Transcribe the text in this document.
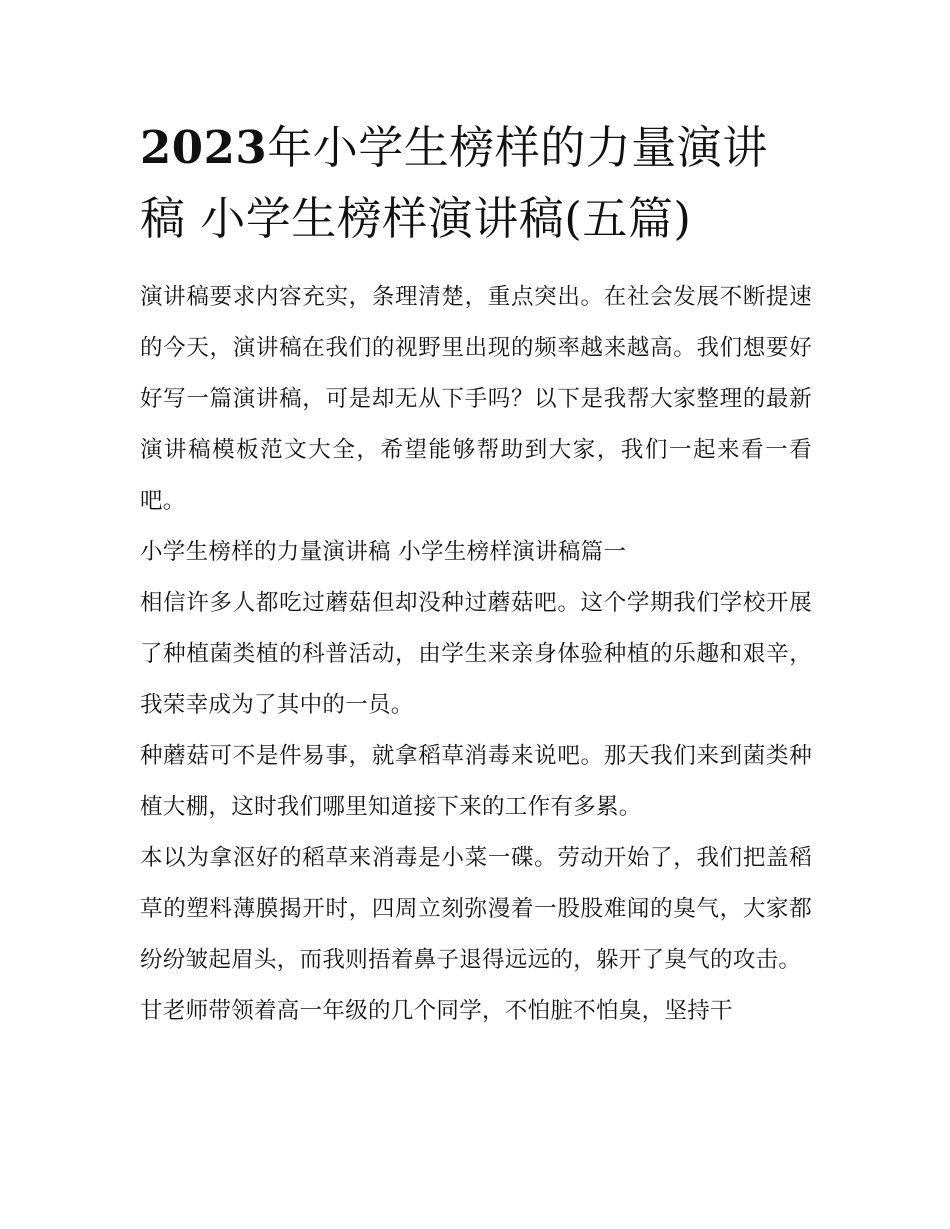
2023年小学生榜样的力量演讲稿 小学生榜样演讲稿(五篇)

演讲稿要求内容充实，条理清楚，重点突出。在社会发展不断提速的今天，演讲稿在我们的视野里出现的频率越来越高。我们想要好好写一篇演讲稿，可是却无从下手吗？以下是我帮大家整理的最新演讲稿模板范文大全，希望能够帮助到大家，我们一起来看一看吧。

小学生榜样的力量演讲稿 小学生榜样演讲稿篇一

相信许多人都吃过蘑菇但却没种过蘑菇吧。这个学期我们学校开展了种植菌类植的科普活动，由学生来亲身体验种植的乐趣和艰辛，我荣幸成为了其中的一员。

种蘑菇可不是件易事，就拿稻草消毒来说吧。那天我们来到菌类种植大棚，这时我们哪里知道接下来的工作有多累。

本以为拿沤好的稻草来消毒是小菜一碟。劳动开始了，我们把盖稻草的塑料薄膜揭开时，四周立刻弥漫着一股股难闻的臭气，大家都纷纷皱起眉头，而我则捂着鼻子退得远远的，躲开了臭气的攻击。

甘老师带领着高一年级的几个同学，不怕脏不怕臭，坚持干
